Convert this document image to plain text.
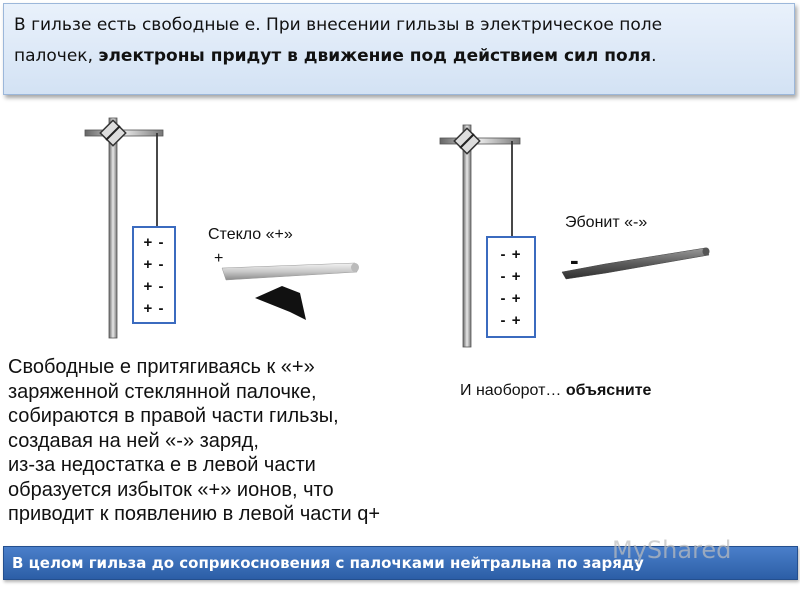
В гильзе есть свободные е. При внесении гильзы в электрическое поле
палочек, электроны придут в движение под действием сил поля.
+ -
+ -
+ -
+ -
- +
- +
- +
- +
Стекло «+»
+
Эбонит «-»
-
Свободные е притягиваясь к «+»
заряженной стеклянной палочке,
собираются в правой части гильзы,
создавая на ней «-» заряд,
из-за недостатка е в левой части
образуется избыток «+» ионов, что
приводит к появлению в левой части q+
И наоборот… объясните
В целом гильза до соприкосновения с палочками нейтральна по заряду
MyShared
